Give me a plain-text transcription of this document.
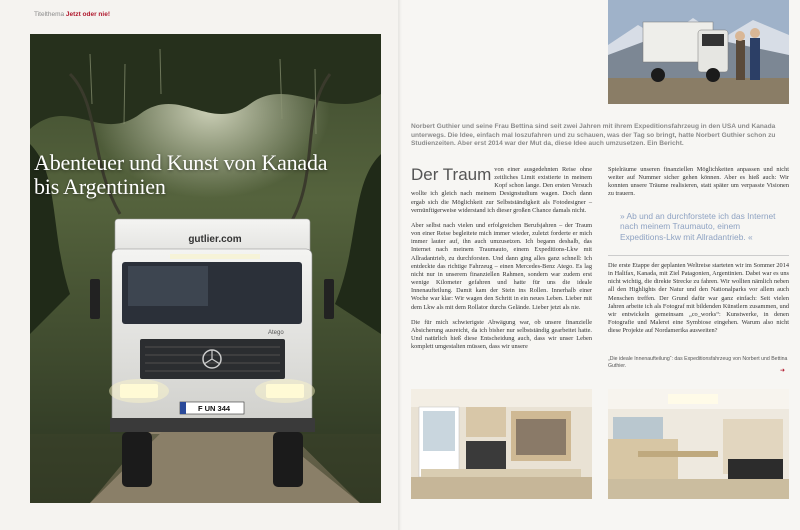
Titelthema Jetzt oder nie!
gutlier.com
Atego
F UN 344
Abenteuer und Kunst von Kanada bis Argentinien
Norbert Guthier und seine Frau Bettina sind seit zwei Jahren mit ihrem Expeditionsfahrzeug in den USA und Kanada unterwegs. Die Idee, einfach mal loszufahren und zu schauen, was der Tag so bringt, hatte Norbert Guthier schon zu Studienzeiten. Aber erst 2014 war der Mut da, diese Idee auch umzusetzen. Ein Bericht.

Der Traum von einer ausgedehnten Reise ohne zeitliches Limit existierte in meinem Kopf schon lange. Den ersten Versuch wollte ich gleich nach meinem Designstudium wagen. Doch dann ergab sich die Möglichkeit zur Selbstständigkeit als Fotodesigner – vernünftigerweise widerstand ich dieser großen Chance damals nicht.

Aber selbst nach vielen und erfolgreichen Berufsjahren – der Traum von einer Reise begleitete mich immer wieder, zuletzt forderte er mich immer lauter auf, ihn auch umzusetzen. Ich begann deshalb, das Internet nach meinem Traumauto, einem Expeditions-Lkw mit Allradantrieb, zu durchforsten. Und dann ging alles ganz schnell: Ich entdeckte das richtige Fahrzeug – einen Mercedes-Benz Atego. Es lag nicht nur in unserem finanziellen Rahmen, sondern war zudem erst wenige Kilometer gefahren und hatte für uns die ideale Innenaufteilung. Damit kam der Stein ins Rollen. Innerhalb einer Woche war klar: Wir wagen den Schritt in ein neues Leben. Lieber mit dem Lkw als mit dem Rollator durchs Gelände. Lieber jetzt als nie.

Die für mich schwierigste Abwägung war, ob unsere finanzielle Absicherung ausreicht, da ich bisher nur selbstständig gearbeitet hatte. Und natürlich hieß diese Entscheidung auch, dass wir unser Leben komplett umgestalten müssen, dass wir unsere

Spielräume unseren finanziellen Möglichkeiten anpassen und nicht weiter auf Nummer sicher gehen können. Aber es hieß auch: Wir konnten unsere Träume realisieren, statt später um verpasste Visionen zu trauern.

» Ab und an durchforstete ich das Internet nach meinem Traumauto, einem Expeditions-Lkw mit Allradantrieb. «

Die erste Etappe der geplanten Weltreise starteten wir im Sommer 2014 in Halifax, Kanada, mit Ziel Patagonien, Argentinien. Dabei war es uns nicht wichtig, die direkte Strecke zu fahren. Wir wollten nämlich neben all den Highlights der Natur und den Nationalparks vor allem auch Menschen treffen. Der Grund dafür war ganz einfach: Seit vielen Jahren arbeite ich als Fotograf mit bildenden Künstlern zusammen, und wir entwickeln gemeinsam „co_works“: Kunstwerke, in denen Fotografie und Malerei eine Symbiose eingehen. Warum also nicht diese Projekte auf Nordamerika ausweiten?

„Die ideale Innenaufteilung“: das Expeditionsfahrzeug von Norbert und Bettina Guthier.
➜
